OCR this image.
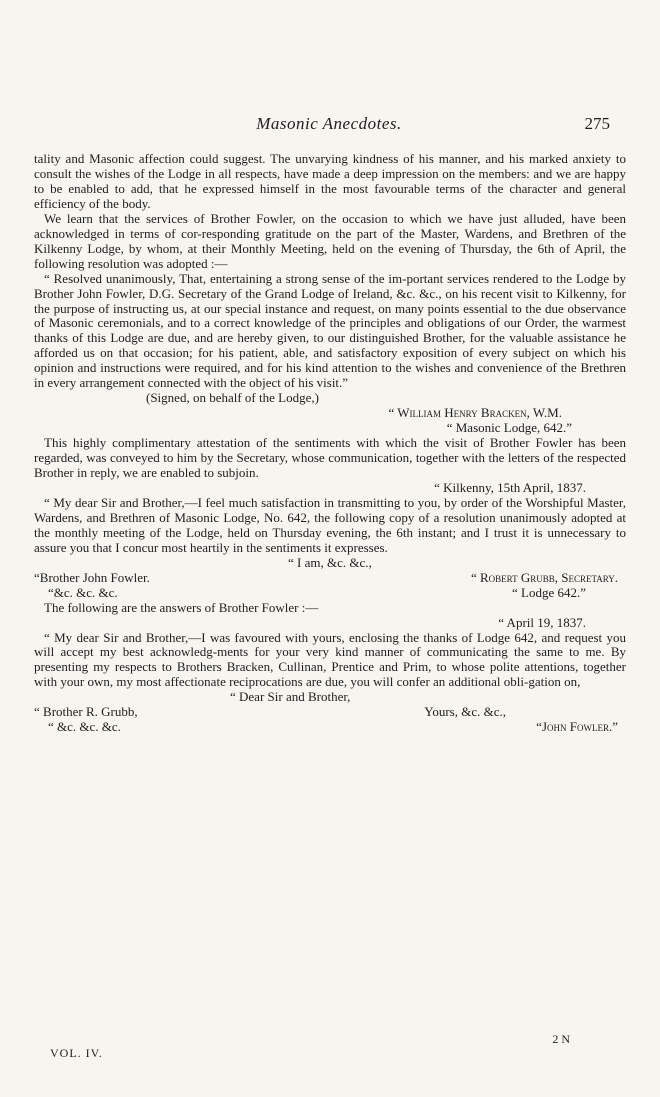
Masonic Anecdotes.	275

tality and Masonic affection could suggest. The unvarying kindness of his manner, and his marked anxiety to consult the wishes of the Lodge in all respects, have made a deep impression on the members: and we are happy to be enabled to add, that he expressed himself in the most favourable terms of the character and general efficiency of the body.

We learn that the services of Brother Fowler, on the occasion to which we have just alluded, have been acknowledged in terms of cor-responding gratitude on the part of the Master, Wardens, and Brethren of the Kilkenny Lodge, by whom, at their Monthly Meeting, held on the evening of Thursday, the 6th of April, the following resolution was adopted :—

“ Resolved unanimously, That, entertaining a strong sense of the im-portant services rendered to the Lodge by Brother John Fowler, D.G. Secretary of the Grand Lodge of Ireland, &c. &c., on his recent visit to Kilkenny, for the purpose of instructing us, at our special instance and request, on many points essential to the due observance of Masonic ceremonials, and to a correct knowledge of the principles and obligations of our Order, the warmest thanks of this Lodge are due, and are hereby given, to our distinguished Brother, for the valuable assistance he afforded us on that occasion; for his patient, able, and satisfactory exposition of every subject on which his opinion and instructions were required, and for his kind attention to the wishes and convenience of the Brethren in every arrangement connected with the object of his visit.”

(Signed, on behalf of the Lodge,)

“ William Henry Bracken, W.M.

“ Masonic Lodge, 642.”

This highly complimentary attestation of the sentiments with which the visit of Brother Fowler has been regarded, was conveyed to him by the Secretary, whose communication, together with the letters of the respected Brother in reply, we are enabled to subjoin.

“ Kilkenny, 15th April, 1837.

“ My dear Sir and Brother,—I feel much satisfaction in transmitting to you, by order of the Worshipful Master, Wardens, and Brethren of Masonic Lodge, No. 642, the following copy of a resolution unanimously adopted at the monthly meeting of the Lodge, held on Thursday evening, the 6th instant; and I trust it is unnecessary to assure you that I concur most heartily in the sentiments it expresses.

“ I am, &c. &c.,

“Brother John Fowler.	“ Robert Grubb, Secretary.
“&c. &c. &c.	“ Lodge 642.”

The following are the answers of Brother Fowler :—

“ April 19, 1837.

“ My dear Sir and Brother,—I was favoured with yours, enclosing the thanks of Lodge 642, and request you will accept my best acknowledg-ments for your very kind manner of communicating the same to me. By presenting my respects to Brothers Bracken, Cullinan, Prentice and Prim, to whose polite attentions, together with your own, my most affectionate reciprocations are due, you will confer an additional obli-gation on,

“ Dear Sir and Brother,

“ Brother R. Grubb,	Yours, &c. &c.,
“ &c. &c. &c.	“John Fowler.”
2 N
VOL. IV.
